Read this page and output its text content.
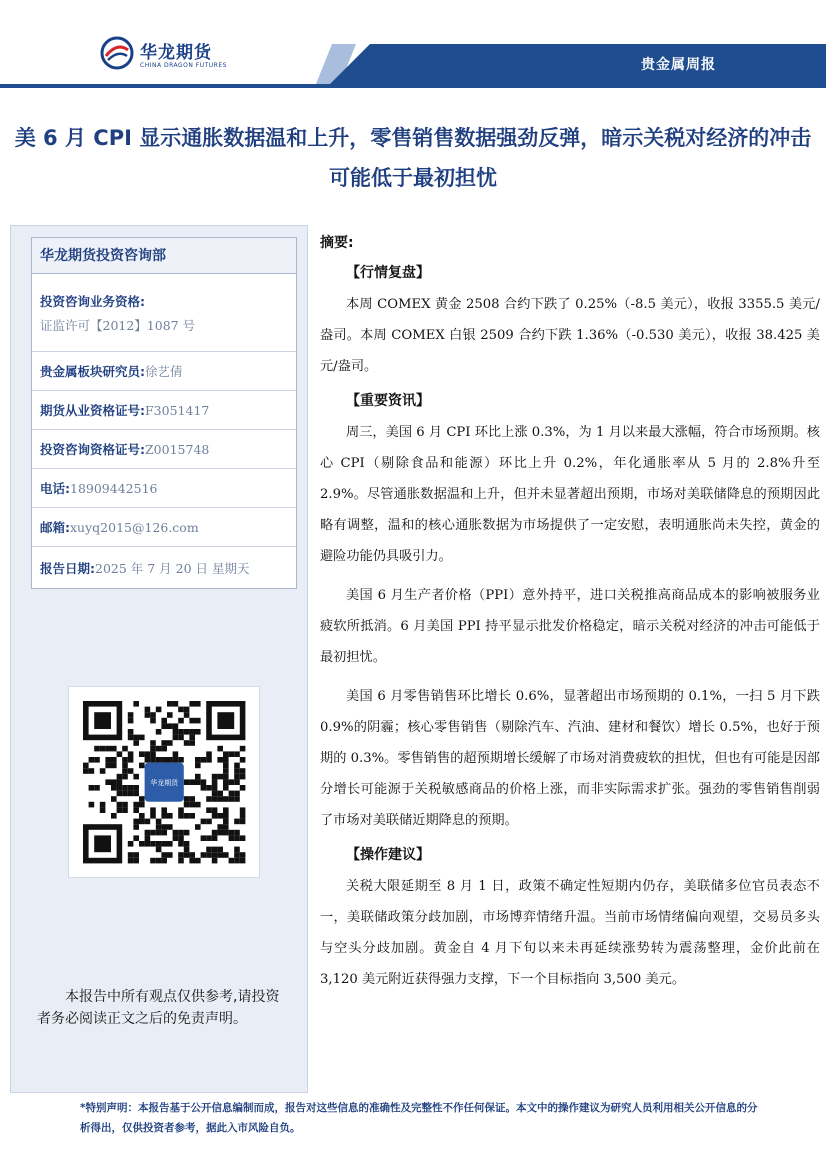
华龙期货
CHINA DRAGON FUTURES	贵金属周报
美 6 月 CPI 显示通胀数据温和上升，零售销售数据强劲反弹，暗示关税对经济的冲击可能低于最初担忧
华龙期货投资咨询部
投资咨询业务资格:
证监许可【2012】1087 号
贵金属板块研究员: 徐艺倩
期货从业资格证号: F3051417
投资咨询资格证号: Z0015748
电话: 18909442516
邮箱: xuyq2015@126.com
报告日期: 2025 年 7 月 20 日 星期天
华龙期货
本报告中所有观点仅供参考,请投资者务必阅读正文之后的免责声明。
摘要:
【行情复盘】

本周 COMEX 黄金 2508 合约下跌了 0.25%（-8.5 美元），收报 3355.5 美元/盎司。本周 COMEX 白银 2509 合约下跌 1.36%（-0.530 美元），收报 38.425 美元/盎司。

【重要资讯】

周三，美国 6 月 CPI 环比上涨 0.3%，为 1 月以来最大涨幅，符合市场预期。核心 CPI（剔除食品和能源）环比上升 0.2%，年化通胀率从 5 月的 2.8%升至 2.9%。尽管通胀数据温和上升，但并未显著超出预期，市场对美联储降息的预期因此略有调整，温和的核心通胀数据为市场提供了一定安慰，表明通胀尚未失控，黄金的避险功能仍具吸引力。

美国 6 月生产者价格（PPI）意外持平，进口关税推高商品成本的影响被服务业疲软所抵消。6 月美国 PPI 持平显示批发价格稳定，暗示关税对经济的冲击可能低于最初担忧。

美国 6 月零售销售环比增长 0.6%，显著超出市场预期的 0.1%，一扫 5 月下跌 0.9%的阴霾；核心零售销售（剔除汽车、汽油、建材和餐饮）增长 0.5%，也好于预期的 0.3%。零售销售的超预期增长缓解了市场对消费疲软的担忧，但也有可能是因部分增长可能源于关税敏感商品的价格上涨，而非实际需求扩张。强劲的零售销售削弱了市场对美联储近期降息的预期。

【操作建议】

关税大限延期至 8 月 1 日，政策不确定性短期内仍存，美联储多位官员表态不一，美联储政策分歧加剧，市场博弈情绪升温。当前市场情绪偏向观望，交易员多头与空头分歧加剧。黄金自 4 月下旬以来未再延续涨势转为震荡整理，金价此前在 3,120 美元附近获得强力支撑，下一个目标指向 3,500 美元。

*特别声明：本报告基于公开信息编制而成，报告对这些信息的准确性及完整性不作任何保证。本文中的操作建议为研究人员利用相关公开信息的分析得出，仅供投资者参考，据此入市风险自负。
